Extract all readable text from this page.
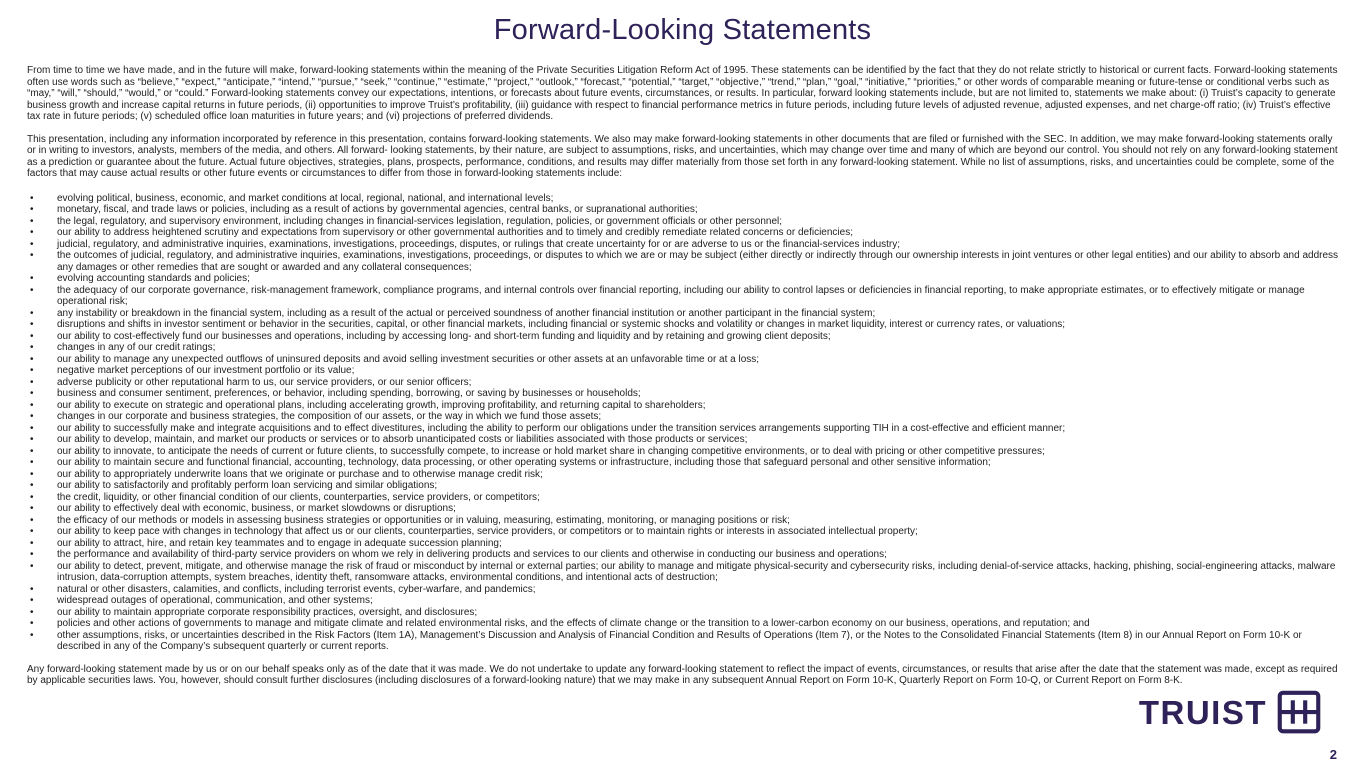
Forward-Looking Statements

From time to time we have made, and in the future will make, forward-looking statements within the meaning of the Private Securities Litigation Reform Act of 1995. These statements can be identified by the fact that they do not relate strictly to historical or current facts. Forward-looking statements often use words such as “believe,” “expect,” “anticipate,” “intend,” “pursue,” “seek,” “continue,” “estimate,” “project,” “outlook,” “forecast,” “potential,” “target,” “objective,” “trend,” “plan,” “goal,” “initiative,” “priorities,” or other words of comparable meaning or future-tense or conditional verbs such as “may,” “will,” “should,” “would,” or “could.” Forward-looking statements convey our expectations, intentions, or forecasts about future events, circumstances, or results. In particular, forward looking statements include, but are not limited to, statements we make about: (i) Truist’s capacity to generate business growth and increase capital returns in future periods, (ii) opportunities to improve Truist’s profitability, (iii) guidance with respect to financial performance metrics in future periods, including future levels of adjusted revenue, adjusted expenses, and net charge-off ratio; (iv) Truist’s effective tax rate in future periods; (v) scheduled office loan maturities in future years; and (vi) projections of preferred dividends.

This presentation, including any information incorporated by reference in this presentation, contains forward-looking statements. We also may make forward-looking statements in other documents that are filed or furnished with the SEC. In addition, we may make forward-looking statements orally or in writing to investors, analysts, members of the media, and others. All forward- looking statements, by their nature, are subject to assumptions, risks, and uncertainties, which may change over time and many of which are beyond our control. You should not rely on any forward-looking statement as a prediction or guarantee about the future. Actual future objectives, strategies, plans, prospects, performance, conditions, and results may differ materially from those set forth in any forward-looking statement. While no list of assumptions, risks, and uncertainties could be complete, some of the factors that may cause actual results or other future events or circumstances to differ from those in forward-looking statements include:

• evolving political, business, economic, and market conditions at local, regional, national, and international levels;
• monetary, fiscal, and trade laws or policies, including as a result of actions by governmental agencies, central banks, or supranational authorities;
• the legal, regulatory, and supervisory environment, including changes in financial-services legislation, regulation, policies, or government officials or other personnel;
• our ability to address heightened scrutiny and expectations from supervisory or other governmental authorities and to timely and credibly remediate related concerns or deficiencies;
• judicial, regulatory, and administrative inquiries, examinations, investigations, proceedings, disputes, or rulings that create uncertainty for or are adverse to us or the financial-services industry;
• the outcomes of judicial, regulatory, and administrative inquiries, examinations, investigations, proceedings, or disputes to which we are or may be subject (either directly or indirectly through our ownership interests in joint ventures or other legal entities) and our ability to absorb and address any damages or other remedies that are sought or awarded and any collateral consequences;
• evolving accounting standards and policies;
• the adequacy of our corporate governance, risk-management framework, compliance programs, and internal controls over financial reporting, including our ability to control lapses or deficiencies in financial reporting, to make appropriate estimates, or to effectively mitigate or manage operational risk;
• any instability or breakdown in the financial system, including as a result of the actual or perceived soundness of another financial institution or another participant in the financial system;
• disruptions and shifts in investor sentiment or behavior in the securities, capital, or other financial markets, including financial or systemic shocks and volatility or changes in market liquidity, interest or currency rates, or valuations;
• our ability to cost-effectively fund our businesses and operations, including by accessing long- and short-term funding and liquidity and by retaining and growing client deposits;
• changes in any of our credit ratings;
• our ability to manage any unexpected outflows of uninsured deposits and avoid selling investment securities or other assets at an unfavorable time or at a loss;
• negative market perceptions of our investment portfolio or its value;
• adverse publicity or other reputational harm to us, our service providers, or our senior officers;
• business and consumer sentiment, preferences, or behavior, including spending, borrowing, or saving by businesses or households;
• our ability to execute on strategic and operational plans, including accelerating growth, improving profitability, and returning capital to shareholders;
• changes in our corporate and business strategies, the composition of our assets, or the way in which we fund those assets;
• our ability to successfully make and integrate acquisitions and to effect divestitures, including the ability to perform our obligations under the transition services arrangements supporting TIH in a cost-effective and efficient manner;
• our ability to develop, maintain, and market our products or services or to absorb unanticipated costs or liabilities associated with those products or services;
• our ability to innovate, to anticipate the needs of current or future clients, to successfully compete, to increase or hold market share in changing competitive environments, or to deal with pricing or other competitive pressures;
• our ability to maintain secure and functional financial, accounting, technology, data processing, or other operating systems or infrastructure, including those that safeguard personal and other sensitive information;
• our ability to appropriately underwrite loans that we originate or purchase and to otherwise manage credit risk;
• our ability to satisfactorily and profitably perform loan servicing and similar obligations;
• the credit, liquidity, or other financial condition of our clients, counterparties, service providers, or competitors;
• our ability to effectively deal with economic, business, or market slowdowns or disruptions;
• the efficacy of our methods or models in assessing business strategies or opportunities or in valuing, measuring, estimating, monitoring, or managing positions or risk;
• our ability to keep pace with changes in technology that affect us or our clients, counterparties, service providers, or competitors or to maintain rights or interests in associated intellectual property;
• our ability to attract, hire, and retain key teammates and to engage in adequate succession planning;
• the performance and availability of third-party service providers on whom we rely in delivering products and services to our clients and otherwise in conducting our business and operations;
• our ability to detect, prevent, mitigate, and otherwise manage the risk of fraud or misconduct by internal or external parties; our ability to manage and mitigate physical-security and cybersecurity risks, including denial-of-service attacks, hacking, phishing, social-engineering attacks, malware intrusion, data-corruption attempts, system breaches, identity theft, ransomware attacks, environmental conditions, and intentional acts of destruction;
• natural or other disasters, calamities, and conflicts, including terrorist events, cyber-warfare, and pandemics;
• widespread outages of operational, communication, and other systems;
• our ability to maintain appropriate corporate responsibility practices, oversight, and disclosures;
• policies and other actions of governments to manage and mitigate climate and related environmental risks, and the effects of climate change or the transition to a lower-carbon economy on our business, operations, and reputation; and
• other assumptions, risks, or uncertainties described in the Risk Factors (Item 1A), Management’s Discussion and Analysis of Financial Condition and Results of Operations (Item 7), or the Notes to the Consolidated Financial Statements (Item 8) in our Annual Report on Form 10-K or described in any of the Company’s subsequent quarterly or current reports.

Any forward-looking statement made by us or on our behalf speaks only as of the date that it was made. We do not undertake to update any forward-looking statement to reflect the impact of events, circumstances, or results that arise after the date that the statement was made, except as required by applicable securities laws. You, however, should consult further disclosures (including disclosures of a forward-looking nature) that we may make in any subsequent Annual Report on Form 10-K, Quarterly Report on Form 10-Q, or Current Report on Form 8-K.

TRUIST
2
